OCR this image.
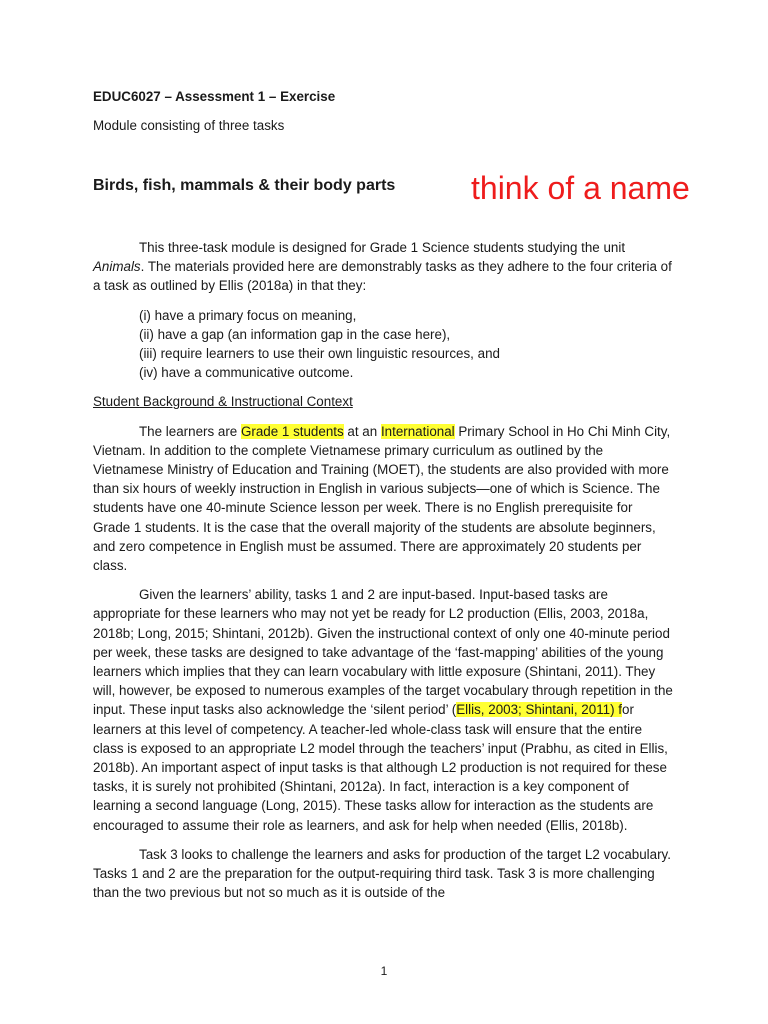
EDUC6027 – Assessment 1 – Exercise
Module consisting of three tasks
Birds, fish, mammals & their body parts think of a name

This three-task module is designed for Grade 1 Science students studying the unit Animals. The materials provided here are demonstrably tasks as they adhere to the four criteria of a task as outlined by Ellis (2018a) in that they:

(i) have a primary focus on meaning,
(ii) have a gap (an information gap in the case here),
(iii) require learners to use their own linguistic resources, and
(iv) have a communicative outcome.

Student Background & Instructional Context

The learners are Grade 1 students at an International Primary School in Ho Chi Minh City, Vietnam. In addition to the complete Vietnamese primary curriculum as outlined by the Vietnamese Ministry of Education and Training (MOET), the students are also provided with more than six hours of weekly instruction in English in various subjects—one of which is Science. The students have one 40-minute Science lesson per week. There is no English prerequisite for Grade 1 students. It is the case that the overall majority of the students are absolute beginners, and zero competence in English must be assumed. There are approximately 20 students per class.

Given the learners’ ability, tasks 1 and 2 are input-based. Input-based tasks are appropriate for these learners who may not yet be ready for L2 production (Ellis, 2003, 2018a, 2018b; Long, 2015; Shintani, 2012b). Given the instructional context of only one 40-minute period per week, these tasks are designed to take advantage of the ‘fast-mapping’ abilities of the young learners which implies that they can learn vocabulary with little exposure (Shintani, 2011). They will, however, be exposed to numerous examples of the target vocabulary through repetition in the input. These input tasks also acknowledge the ‘silent period’ (Ellis, 2003; Shintani, 2011) for learners at this level of competency. A teacher-led whole-class task will ensure that the entire class is exposed to an appropriate L2 model through the teachers’ input (Prabhu, as cited in Ellis, 2018b). An important aspect of input tasks is that although L2 production is not required for these tasks, it is surely not prohibited (Shintani, 2012a). In fact, interaction is a key component of learning a second language (Long, 2015). These tasks allow for interaction as the students are encouraged to assume their role as learners, and ask for help when needed (Ellis, 2018b).

Task 3 looks to challenge the learners and asks for production of the target L2 vocabulary. Tasks 1 and 2 are the preparation for the output-requiring third task. Task 3 is more challenging than the two previous but not so much as it is outside of the

1
